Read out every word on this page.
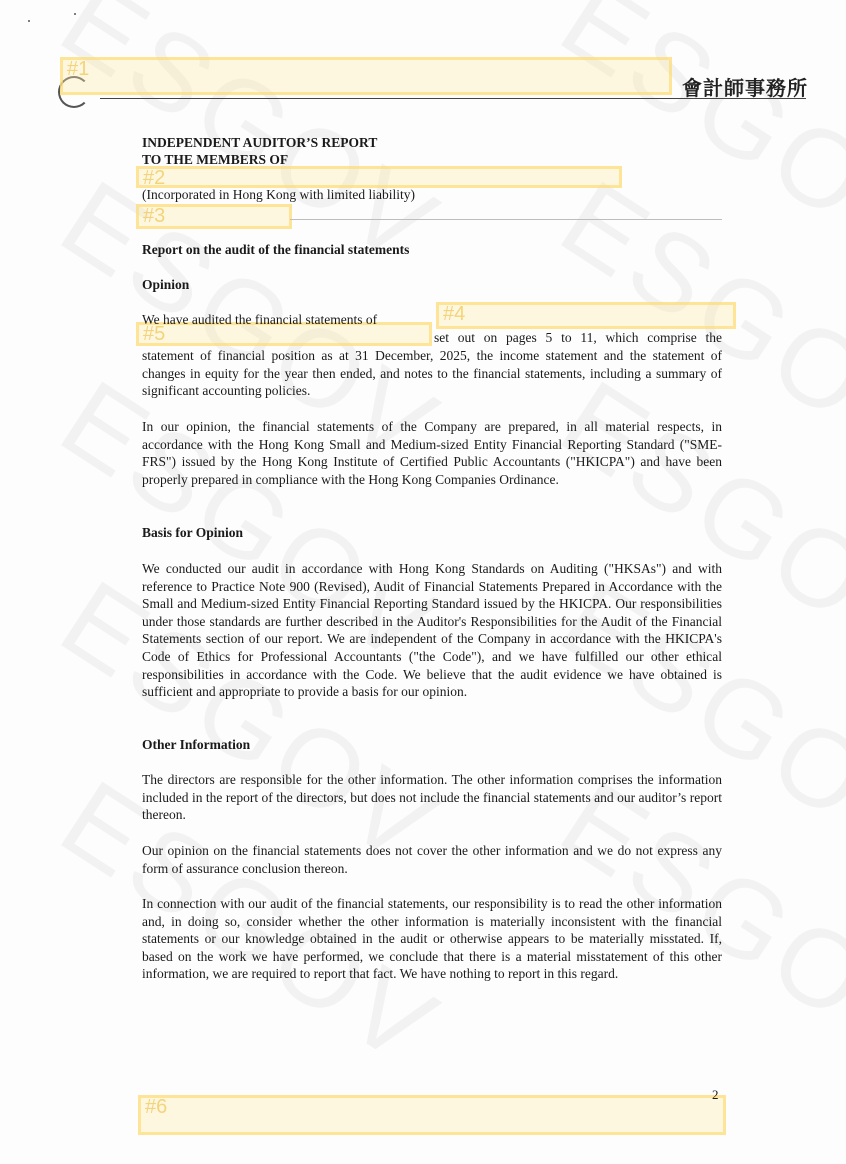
會計師事務所
#1
#2
#3
#4
#5
#6
INDEPENDENT AUDITOR’S REPORT
TO THE MEMBERS OF
(Incorporated in Hong Kong with limited liability)
Report on the audit of the financial statements
Opinion
We have audited the financial statements of
set out on pages 5 to 11, which comprise the
statement of financial position as at 31 December, 2025, the income statement and the statement of changes in equity for the year then ended, and notes to the financial statements, including a summary of significant accounting policies.
In our opinion, the financial statements of the Company are prepared, in all material respects, in accordance with the Hong Kong Small and Medium-sized Entity Financial Reporting Standard ("SME-FRS") issued by the Hong Kong Institute of Certified Public Accountants ("HKICPA") and have been properly prepared in compliance with the Hong Kong Companies Ordinance.
Basis for Opinion
We conducted our audit in accordance with Hong Kong Standards on Auditing ("HKSAs") and with reference to Practice Note 900 (Revised), Audit of Financial Statements Prepared in Accordance with the Small and Medium-sized Entity Financial Reporting Standard issued by the HKICPA. Our responsibilities under those standards are further described in the Auditor's Responsibilities for the Audit of the Financial Statements section of our report. We are independent of the Company in accordance with the HKICPA's Code of Ethics for Professional Accountants ("the Code"), and we have fulfilled our other ethical responsibilities in accordance with the Code. We believe that the audit evidence we have obtained is sufficient and appropriate to provide a basis for our opinion.
Other Information
The directors are responsible for the other information. The other information comprises the information included in the report of the directors, but does not include the financial statements and our auditor’s report thereon.
Our opinion on the financial statements does not cover the other information and we do not express any form of assurance conclusion thereon.
In connection with our audit of the financial statements, our responsibility is to read the other information and, in doing so, consider whether the other information is materially inconsistent with the financial statements or our knowledge obtained in the audit or otherwise appears to be materially misstated. If, based on the work we have performed, we conclude that there is a material misstatement of this other information, we are required to report that fact. We have nothing to report in this regard.
2
